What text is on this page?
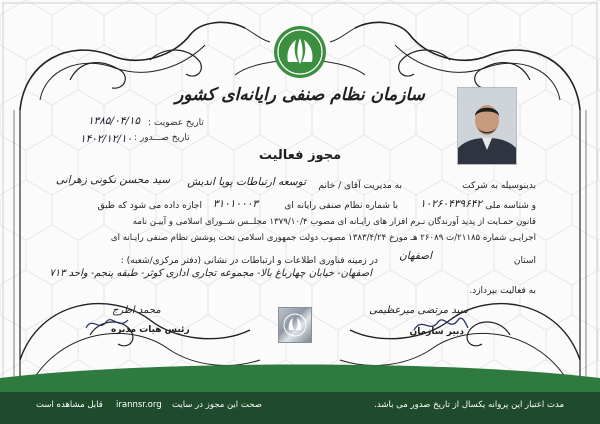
سازمان نظام صنفی رایانه‌ای کشور
مجوز فعالیت
تاریخ عضویت :
۱۳۸۵/۰۴/۱۵
تاریخ صـــدور :
۱۴۰۲/۱۲/۱۰
بدینوسیله به شرکت
توسعه ارتباطات پویا اندیش به مدیریت آقای / خانم
سید محسن نکونی زهرانی
و شناسه ملی
۱۰۲۶۰۴۳۹۶۴۲
با شماره نظام صنفی رایانه ای
۳۱۰۱۰۰۰۳
اجازه داده می شود که طبق
قانون حمـایت از پدید آورندگان نـرم افزار های رایـانه ای مصوب ۱۳۷۹/۱۰/۴ مجلــس شــورای اسلامی و آییـن نامه
اجرایـی شماره ۲۱۱۸۵/ت ۲۶۰۸۹ هـ مورخ ۱۳۸۳/۴/۲۴ مصوب دولت جمهوری اسلامی تحت پوشش نظام صنفی رایـانه ای
استان
اصفهان
در زمینه فناوری اطلاعات و ارتباطات در نشانی (دفتر مرکزی/شعبه) :
اصفهان- خیابان چهارباغ بالا- مجموعه تجاری اداری کوثر- طبقه پنجم- واحد ۷۱۳
به فعالیت بپردازد.
سید مرتضی میرعظیمی
دبیر سازمان
محمد اطرج
رئیس هیات مدیره
مدت اعتبار این پروانه یکسال از تاریخ صدور می باشد.
قابل مشاهده است irannsr.org صحت این مجوز در سایت
